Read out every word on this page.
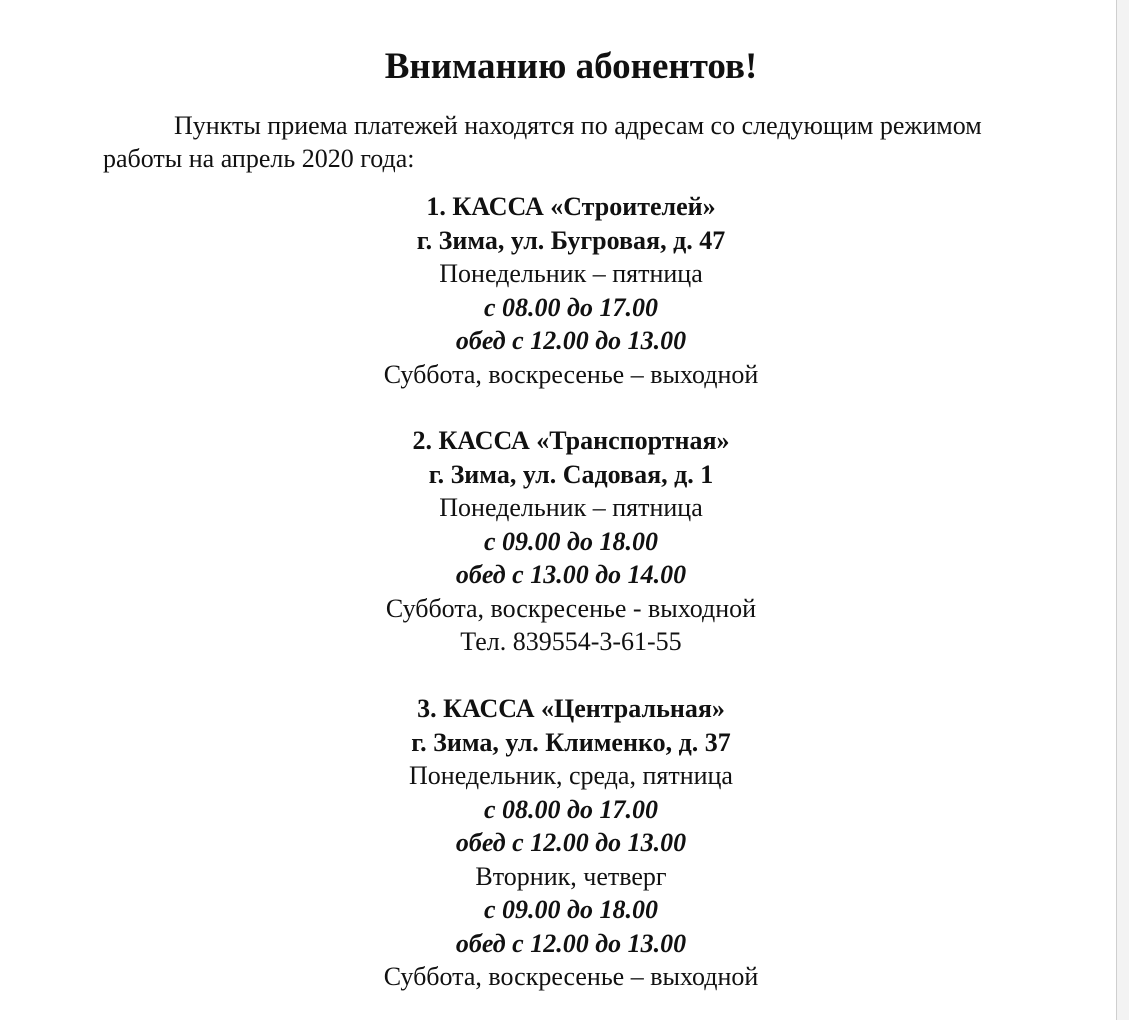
Вниманию абонентов!

Пункты приема платежей находятся по адресам со следующим режимом работы на апрель 2020 года:

1. КАССА «Строителей»
г. Зима, ул. Бугровая, д. 47
Понедельник – пятница
с 08.00 до 17.00
обед с 12.00 до 13.00
Суббота, воскресенье – выходной
2. КАССА «Транспортная»
г. Зима, ул. Садовая, д. 1
Понедельник – пятница
с 09.00 до 18.00
обед с 13.00 до 14.00
Суббота, воскресенье - выходной
Тел. 839554-3-61-55
3. КАССА «Центральная»
г. Зима, ул. Клименко, д. 37
Понедельник, среда, пятница
с 08.00 до 17.00
обед с 12.00 до 13.00
Вторник, четверг
с 09.00 до 18.00
обед с 12.00 до 13.00
Суббота, воскресенье – выходной
